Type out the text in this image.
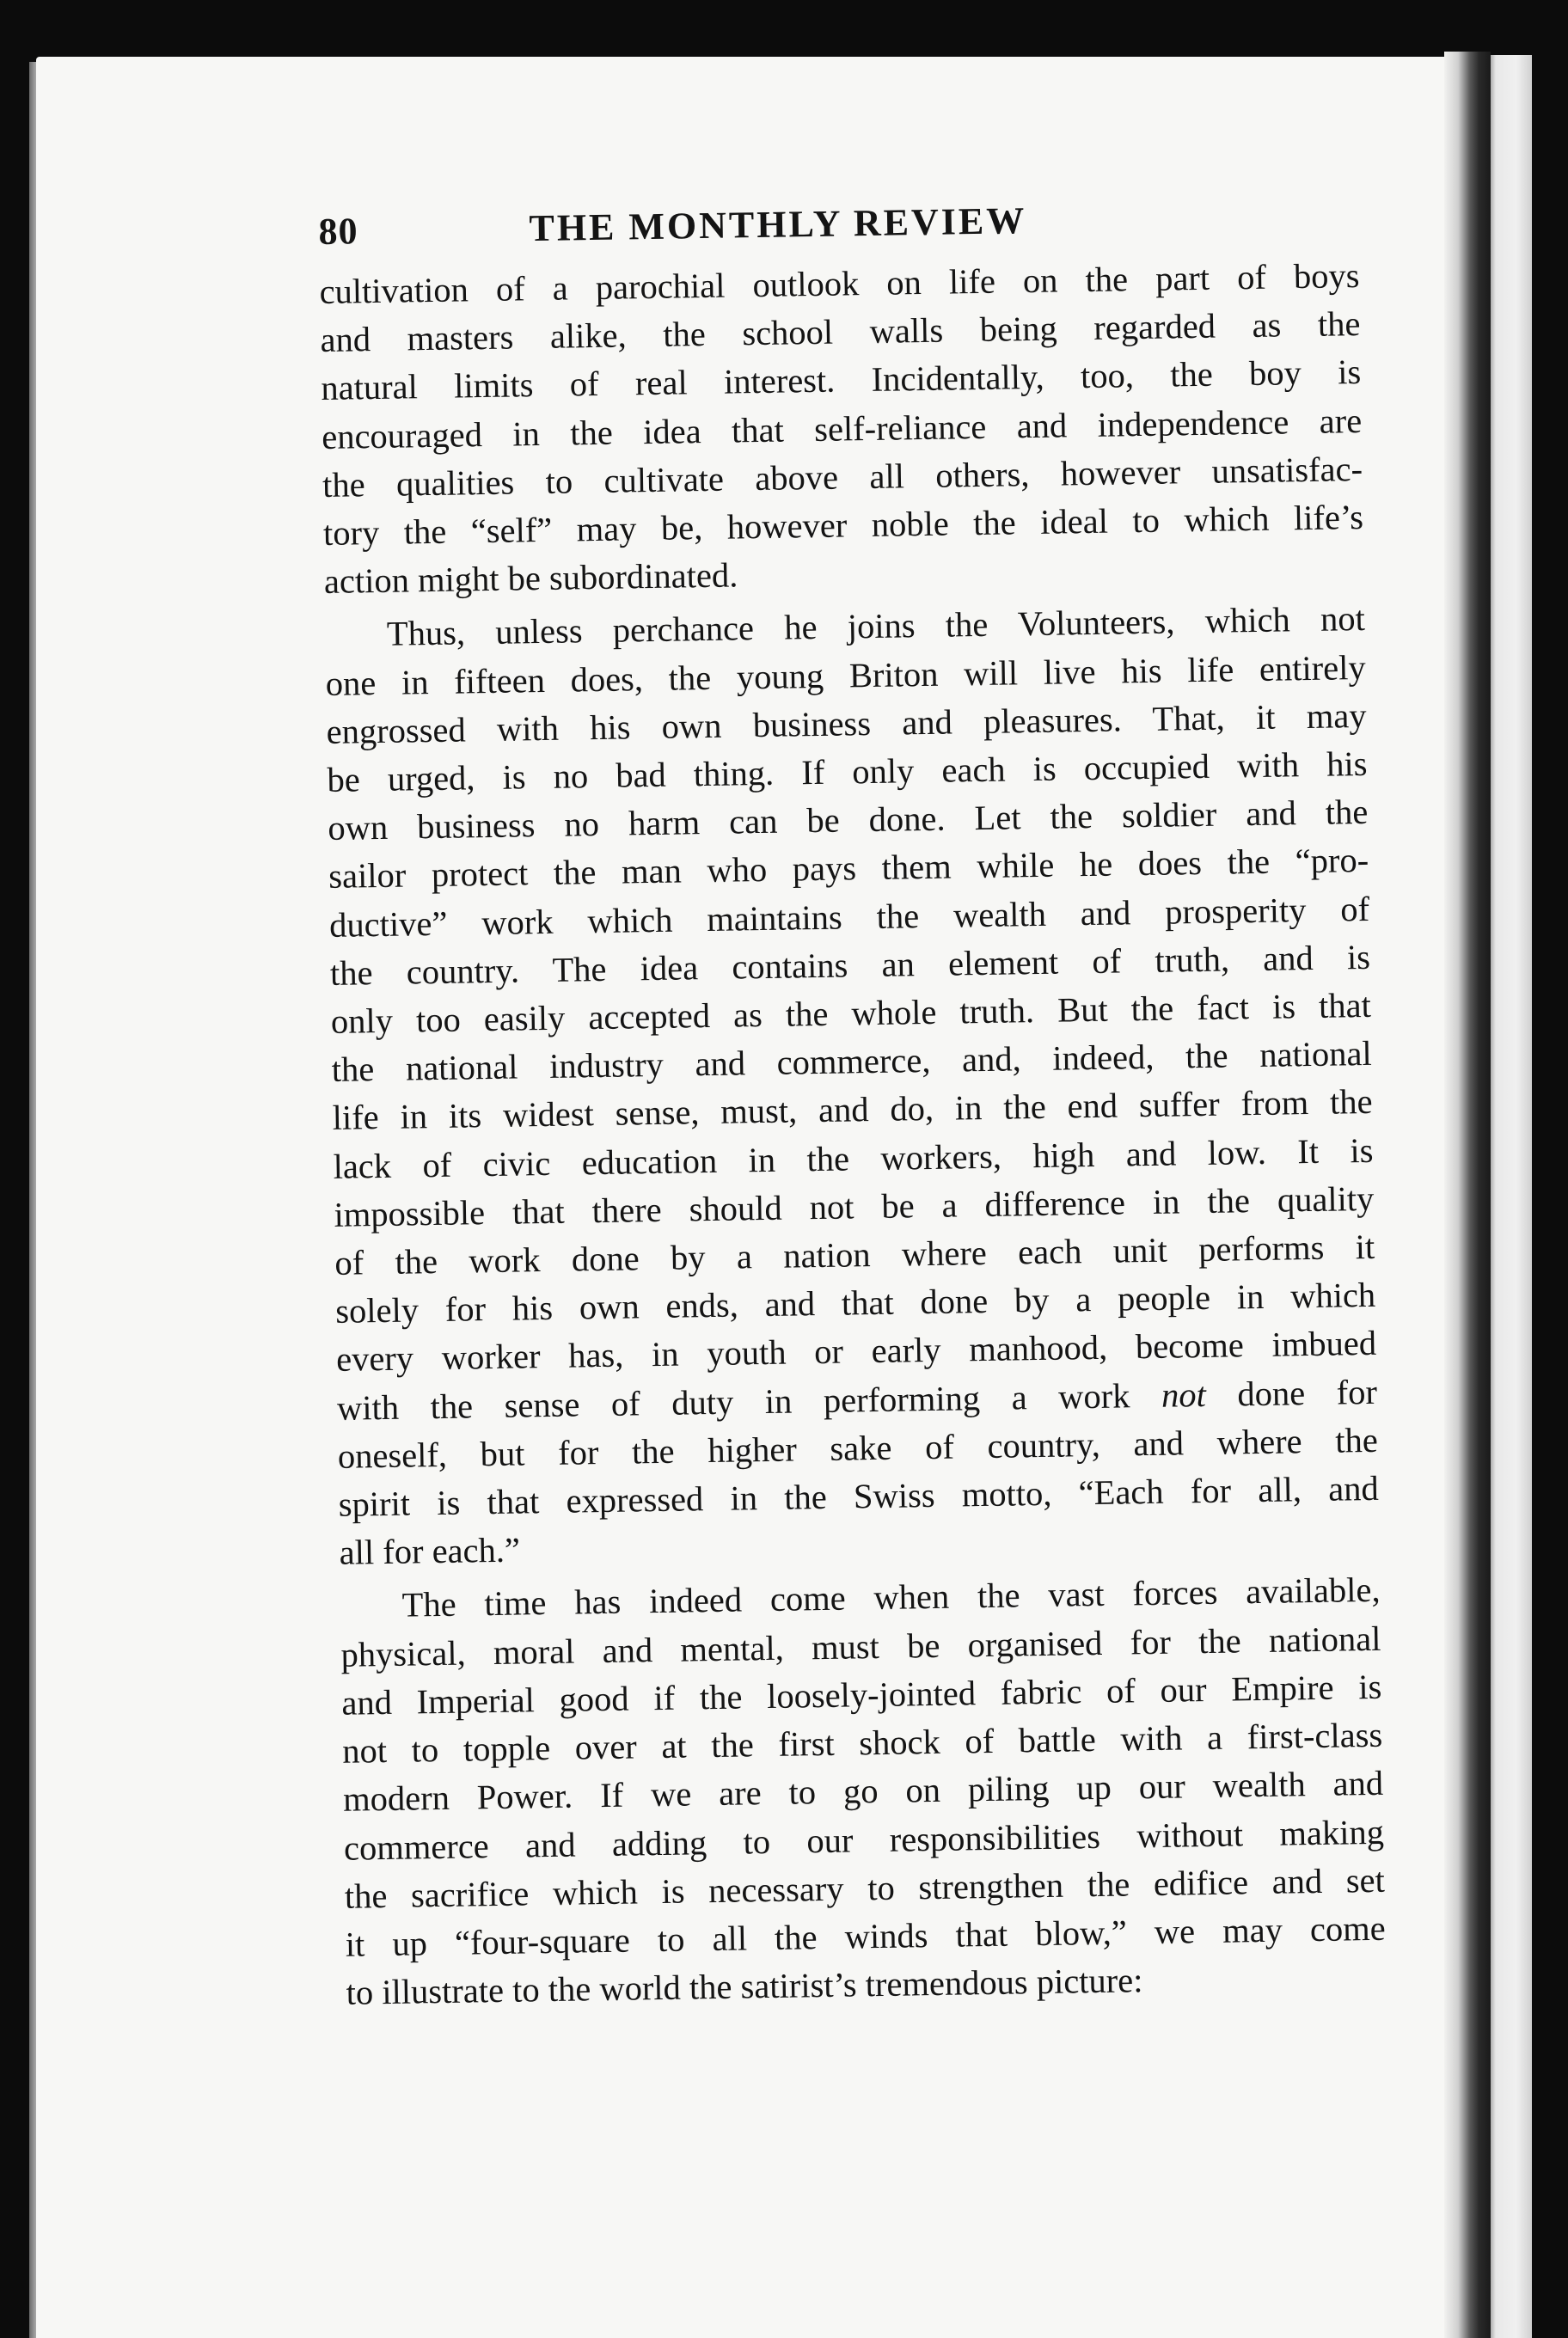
80	THE MONTHLY REVIEW

cultivation of a parochial outlook on life on the part of boys

and masters alike, the school walls being regarded as the

natural limits of real interest. Incidentally, too, the boy is

encouraged in the idea that self-reliance and independence are

the qualities to cultivate above all others, however unsatisfac-

tory the “self” may be, however noble the ideal to which life’s

action might be subordinated.

Thus, unless perchance he joins the Volunteers, which not

one in fifteen does, the young Briton will live his life entirely

engrossed with his own business and pleasures. That, it may

be urged, is no bad thing. If only each is occupied with his

own business no harm can be done. Let the soldier and the

sailor protect the man who pays them while he does the “pro-

ductive” work which maintains the wealth and prosperity of

the country. The idea contains an element of truth, and is

only too easily accepted as the whole truth. But the fact is that

the national industry and commerce, and, indeed, the national

life in its widest sense, must, and do, in the end suffer from the

lack of civic education in the workers, high and low. It is

impossible that there should not be a difference in the quality

of the work done by a nation where each unit performs it

solely for his own ends, and that done by a people in which

every worker has, in youth or early manhood, become imbued

with the sense of duty in performing a work not done for

oneself, but for the higher sake of country, and where the

spirit is that expressed in the Swiss motto, “Each for all, and

all for each.”

The time has indeed come when the vast forces available,

physical, moral and mental, must be organised for the national

and Imperial good if the loosely-jointed fabric of our Empire is

not to topple over at the first shock of battle with a first-class

modern Power. If we are to go on piling up our wealth and

commerce and adding to our responsibilities without making

the sacrifice which is necessary to strengthen the edifice and set

it up “four-square to all the winds that blow,” we may come

to illustrate to the world the satirist’s tremendous picture:
